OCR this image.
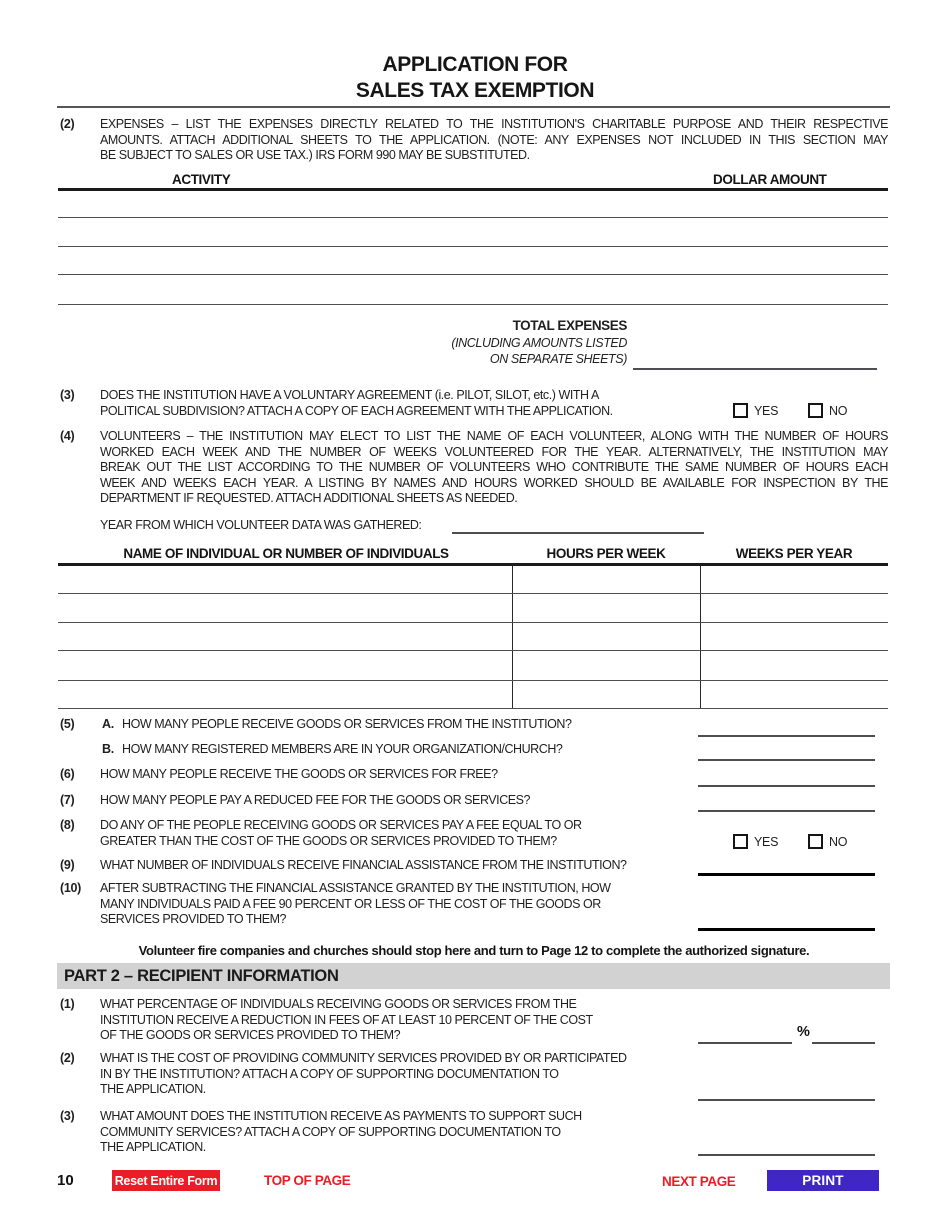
APPLICATION FOR
SALES TAX EXEMPTION
(2) EXPENSES – LIST THE EXPENSES DIRECTLY RELATED TO THE INSTITUTION'S CHARITABLE PURPOSE AND THEIR RESPECTIVE
AMOUNTS. ATTACH ADDITIONAL SHEETS TO THE APPLICATION. (NOTE: ANY EXPENSES NOT INCLUDED IN THIS SECTION MAY
BE SUBJECT TO SALES OR USE TAX.) IRS FORM 990 MAY BE SUBSTITUTED.
ACTIVITY	DOLLAR AMOUNT
TOTAL EXPENSES
(INCLUDING AMOUNTS LISTED
ON SEPARATE SHEETS)
(3) DOES THE INSTITUTION HAVE A VOLUNTARY AGREEMENT (i.e. PILOT, SILOT, etc.) WITH A
POLITICAL SUBDIVISION? ATTACH A COPY OF EACH AGREEMENT WITH THE APPLICATION.	YES	NO
(4) VOLUNTEERS – THE INSTITUTION MAY ELECT TO LIST THE NAME OF EACH VOLUNTEER, ALONG WITH THE NUMBER OF HOURS
WORKED EACH WEEK AND THE NUMBER OF WEEKS VOLUNTEERED FOR THE YEAR. ALTERNATIVELY, THE INSTITUTION MAY
BREAK OUT THE LIST ACCORDING TO THE NUMBER OF VOLUNTEERS WHO CONTRIBUTE THE SAME NUMBER OF HOURS EACH
WEEK AND WEEKS EACH YEAR. A LISTING BY NAMES AND HOURS WORKED SHOULD BE AVAILABLE FOR INSPECTION BY THE
DEPARTMENT IF REQUESTED. ATTACH ADDITIONAL SHEETS AS NEEDED.
YEAR FROM WHICH VOLUNTEER DATA WAS GATHERED:
NAME OF INDIVIDUAL OR NUMBER OF INDIVIDUALS	HOURS PER WEEK	WEEKS PER YEAR
(5) A. HOW MANY PEOPLE RECEIVE GOODS OR SERVICES FROM THE INSTITUTION?
B. HOW MANY REGISTERED MEMBERS ARE IN YOUR ORGANIZATION/CHURCH?
(6) HOW MANY PEOPLE RECEIVE THE GOODS OR SERVICES FOR FREE?
(7) HOW MANY PEOPLE PAY A REDUCED FEE FOR THE GOODS OR SERVICES?
(8) DO ANY OF THE PEOPLE RECEIVING GOODS OR SERVICES PAY A FEE EQUAL TO OR
GREATER THAN THE COST OF THE GOODS OR SERVICES PROVIDED TO THEM?	YES	NO
(9) WHAT NUMBER OF INDIVIDUALS RECEIVE FINANCIAL ASSISTANCE FROM THE INSTITUTION?
(10) AFTER SUBTRACTING THE FINANCIAL ASSISTANCE GRANTED BY THE INSTITUTION, HOW
MANY INDIVIDUALS PAID A FEE 90 PERCENT OR LESS OF THE COST OF THE GOODS OR
SERVICES PROVIDED TO THEM?
Volunteer fire companies and churches should stop here and turn to Page 12 to complete the authorized signature.
PART 2 – RECIPIENT INFORMATION
(1) WHAT PERCENTAGE OF INDIVIDUALS RECEIVING GOODS OR SERVICES FROM THE
INSTITUTION RECEIVE A REDUCTION IN FEES OF AT LEAST 10 PERCENT OF THE COST
OF THE GOODS OR SERVICES PROVIDED TO THEM?	%
(2) WHAT IS THE COST OF PROVIDING COMMUNITY SERVICES PROVIDED BY OR PARTICIPATED
IN BY THE INSTITUTION? ATTACH A COPY OF SUPPORTING DOCUMENTATION TO
THE APPLICATION.
(3) WHAT AMOUNT DOES THE INSTITUTION RECEIVE AS PAYMENTS TO SUPPORT SUCH
COMMUNITY SERVICES? ATTACH A COPY OF SUPPORTING DOCUMENTATION TO
THE APPLICATION.
10	Reset Entire Form	TOP OF PAGE	NEXT PAGE	PRINT
